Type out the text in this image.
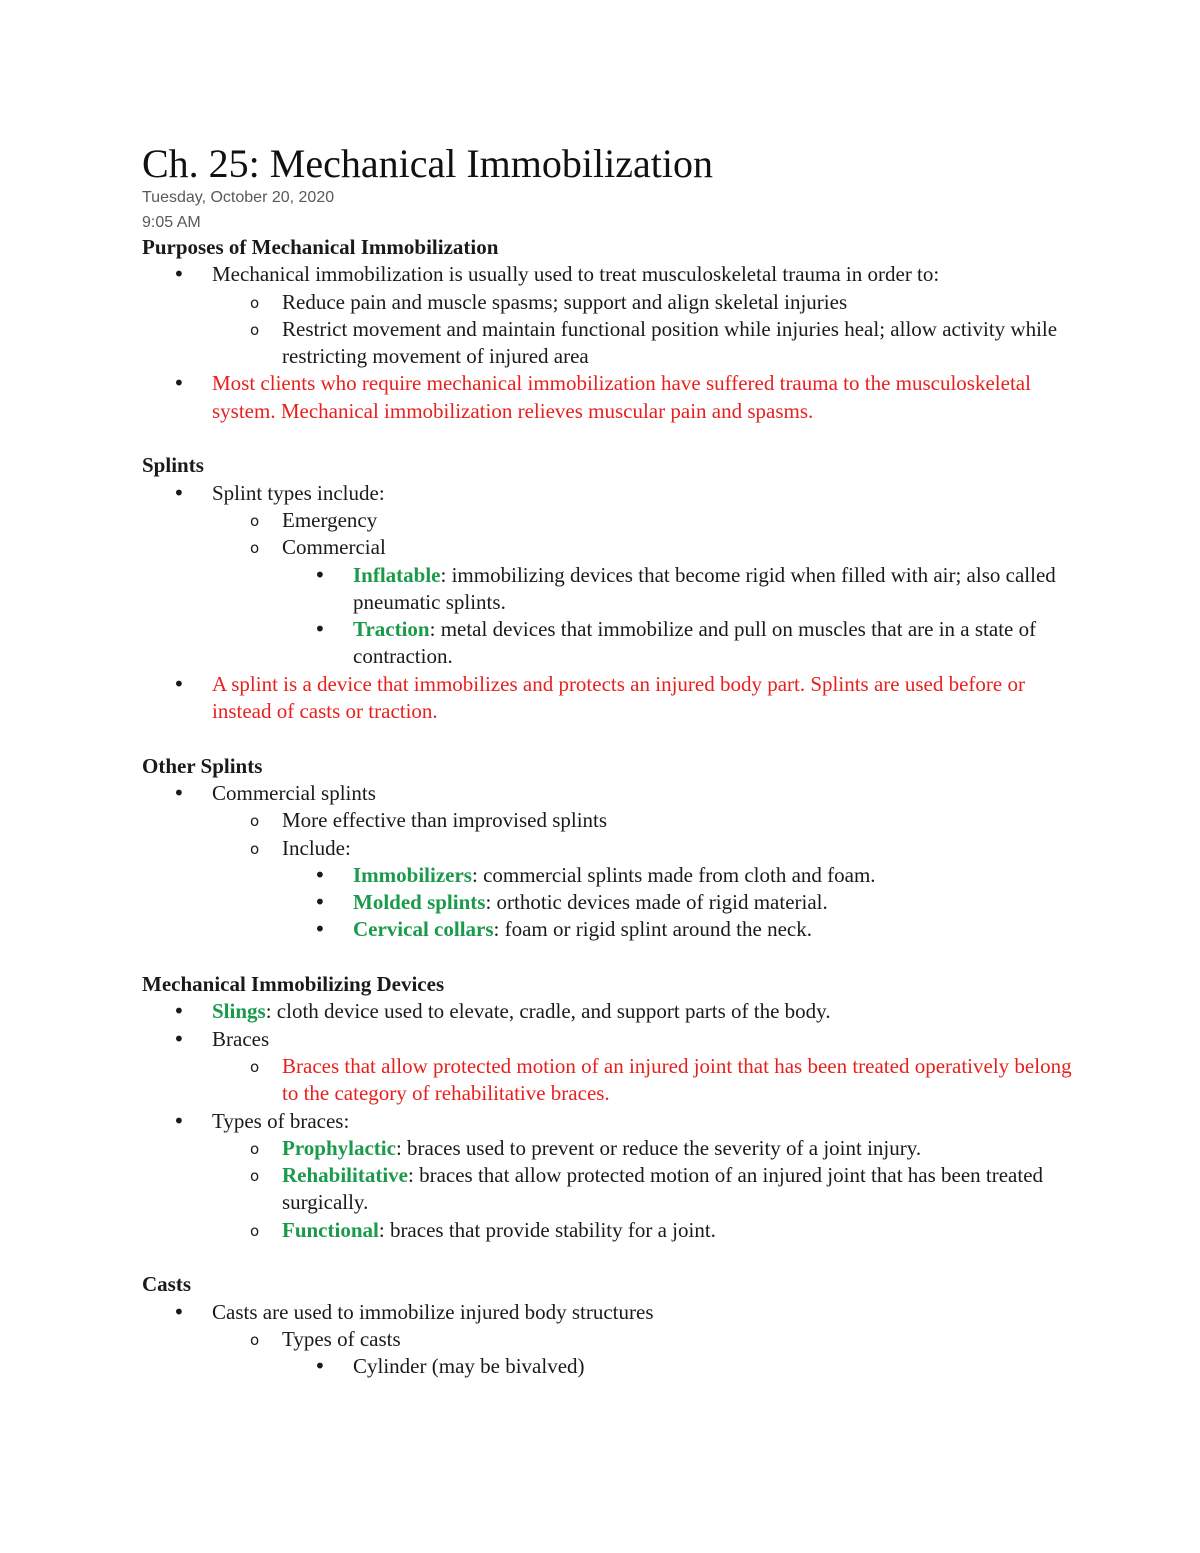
Ch. 25: Mechanical Immobilization
Tuesday, October 20, 2020
9:05 AM

Purposes of Mechanical Immobilization

• Mechanical immobilization is usually used to treat musculoskeletal trauma in order to:
o Reduce pain and muscle spasms; support and align skeletal injuries
o Restrict movement and maintain functional position while injuries heal; allow activity while restricting movement of injured area
• Most clients who require mechanical immobilization have suffered trauma to the musculoskeletal system. Mechanical immobilization relieves muscular pain and spasms.

Splints

• Splint types include:
o Emergency
o Commercial
• Inflatable: immobilizing devices that become rigid when filled with air; also called pneumatic splints.
• Traction: metal devices that immobilize and pull on muscles that are in a state of contraction.
• A splint is a device that immobilizes and protects an injured body part. Splints are used before or instead of casts or traction.

Other Splints

• Commercial splints
o More effective than improvised splints
o Include:
• Immobilizers: commercial splints made from cloth and foam.
• Molded splints: orthotic devices made of rigid material.
• Cervical collars: foam or rigid splint around the neck.

Mechanical Immobilizing Devices

• Slings: cloth device used to elevate, cradle, and support parts of the body.
• Braces
o Braces that allow protected motion of an injured joint that has been treated operatively belong to the category of rehabilitative braces.
• Types of braces:
o Prophylactic: braces used to prevent or reduce the severity of a joint injury.
o Rehabilitative: braces that allow protected motion of an injured joint that has been treated surgically.
o Functional: braces that provide stability for a joint.

Casts

• Casts are used to immobilize injured body structures
o Types of casts
• Cylinder (may be bivalved)
